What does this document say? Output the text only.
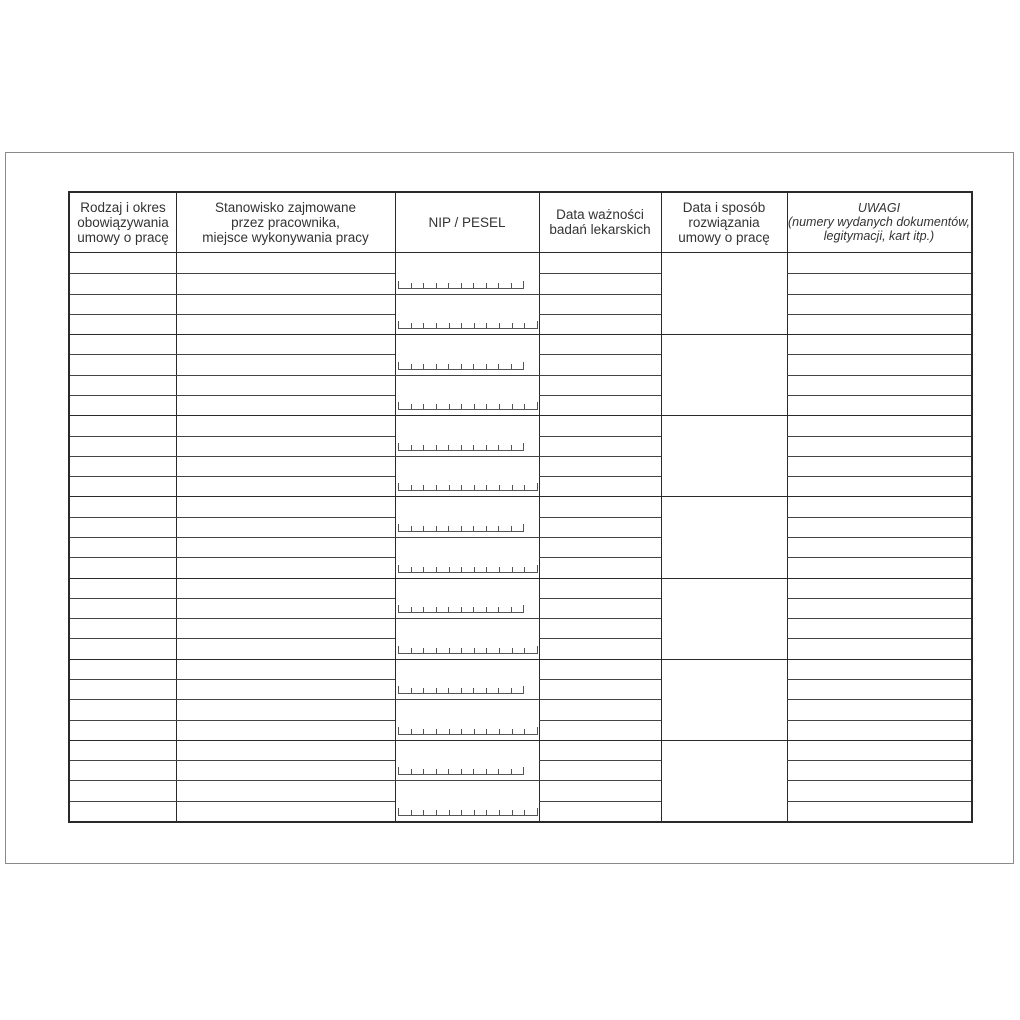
Rodzaj i okres
obowiązywania
umowy o pracę
Stanowisko zajmowane
przez pracownika,
miejsce wykonywania pracy
NIP / PESEL	Data ważności
badań lekarskich
Data i sposób
rozwiązania
umowy o pracę
UWAGI
(numery wydanych dokumentów,
legitymacji, kart itp.)
